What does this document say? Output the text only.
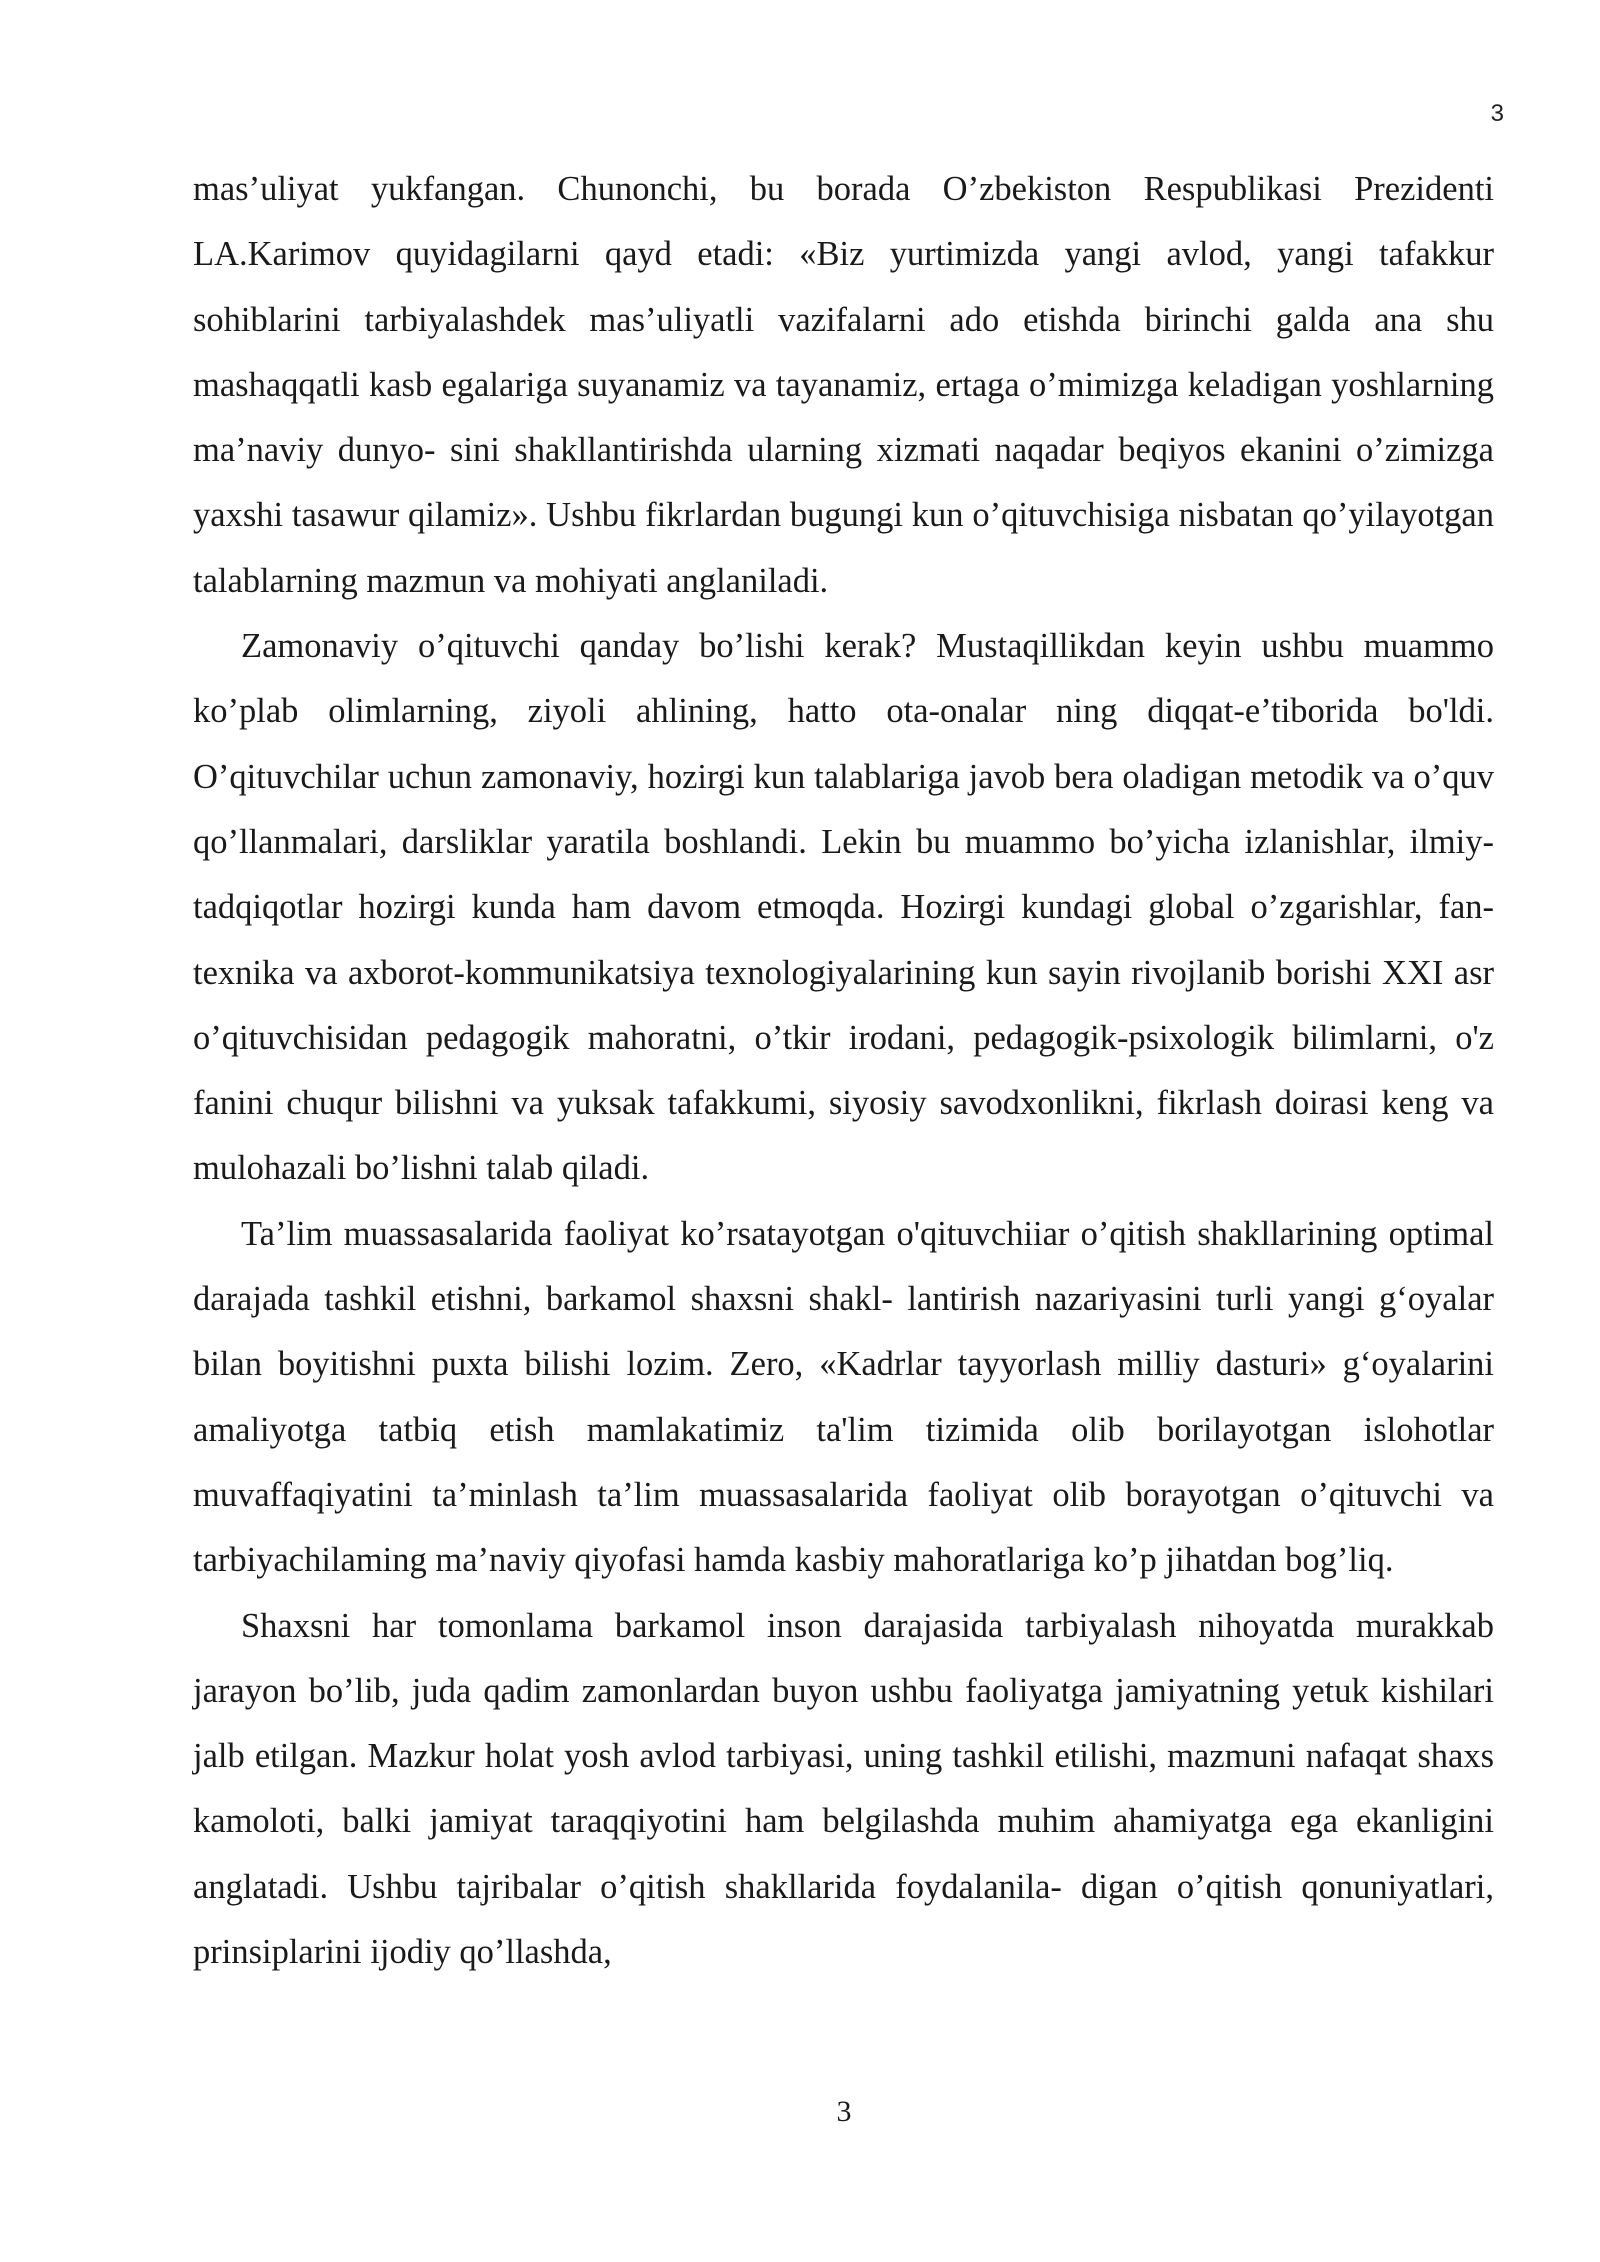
3

mas’uliyat yukfangan. Chunonchi, bu borada O’zbekiston Respublikasi Prezidenti LA.Karimov quyidagilarni qayd etadi: «Biz yurtimizda yangi avlod, yangi tafakkur sohiblarini tarbiyalashdek mas’uliyatli vazifalarni ado etishda birinchi galda ana shu mashaqqatli kasb egalariga suyanamiz va tayanamiz, ertaga o’mimizga keladigan yoshlarning ma’naviy dunyo- sini shakllantirishda ularning xizmati naqadar beqiyos ekanini o’zimizga yaxshi tasawur qilamiz». Ushbu fikrlardan bugungi kun o’qituvchisiga nisbatan qo’yilayotgan talablarning mazmun va mohiyati anglaniladi.

Zamonaviy o’qituvchi qanday bo’lishi kerak? Mustaqillikdan keyin ushbu muammo ko’plab olimlarning, ziyoli ahlining, hatto ota-onalar ning diqqat-e’tiborida bo'ldi. O’qituvchilar uchun zamonaviy, hozirgi kun talablariga javob bera oladigan metodik va o’quv qo’llanmalari, darsliklar yaratila boshlandi. Lekin bu muammo bo’yicha izlanishlar, ilmiy-tadqiqotlar hozirgi kunda ham davom etmoqda. Hozirgi kundagi global o’zgarishlar, fan-texnika va axborot-kommunikatsiya texnologiyalarining kun sayin rivojlanib borishi XXI asr o’qituvchisidan pedagogik mahoratni, o’tkir irodani, pedagogik-psixologik bilimlarni, o'z fanini chuqur bilishni va yuksak tafakkumi, siyosiy savodxonlikni, fikrlash doirasi keng va mulohazali bo’lishni talab qiladi.

Ta’lim muassasalarida faoliyat ko’rsatayotgan o'qituvchiiar o’qitish shakllarining optimal darajada tashkil etishni, barkamol shaxsni shakl- lantirish nazariyasini turli yangi g‘oyalar bilan boyitishni puxta bilishi lozim. Zero, «Kadrlar tayyorlash milliy dasturi» g‘oyalarini amaliyotga tatbiq etish mamlakatimiz ta'lim tizimida olib borilayotgan islohotlar muvaffaqiyatini ta’minlash ta’lim muassasalarida faoliyat olib borayotgan o’qituvchi va tarbiyachilaming ma’naviy qiyofasi hamda kasbiy mahoratlariga ko’p jihatdan bog’liq.

Shaxsni har tomonlama barkamol inson darajasida tarbiyalash nihoyatda murakkab jarayon bo’lib, juda qadim zamonlardan buyon ushbu faoliyatga jamiyatning yetuk kishilari jalb etilgan. Mazkur holat yosh avlod tarbiyasi, uning tashkil etilishi, mazmuni nafaqat shaxs kamoloti, balki jamiyat taraqqiyotini ham belgilashda muhim ahamiyatga ega ekanligini anglatadi. Ushbu tajribalar o’qitish shakllarida foydalanila- digan o’qitish qonuniyatlari, prinsiplarini ijodiy qo’llashda,

3
